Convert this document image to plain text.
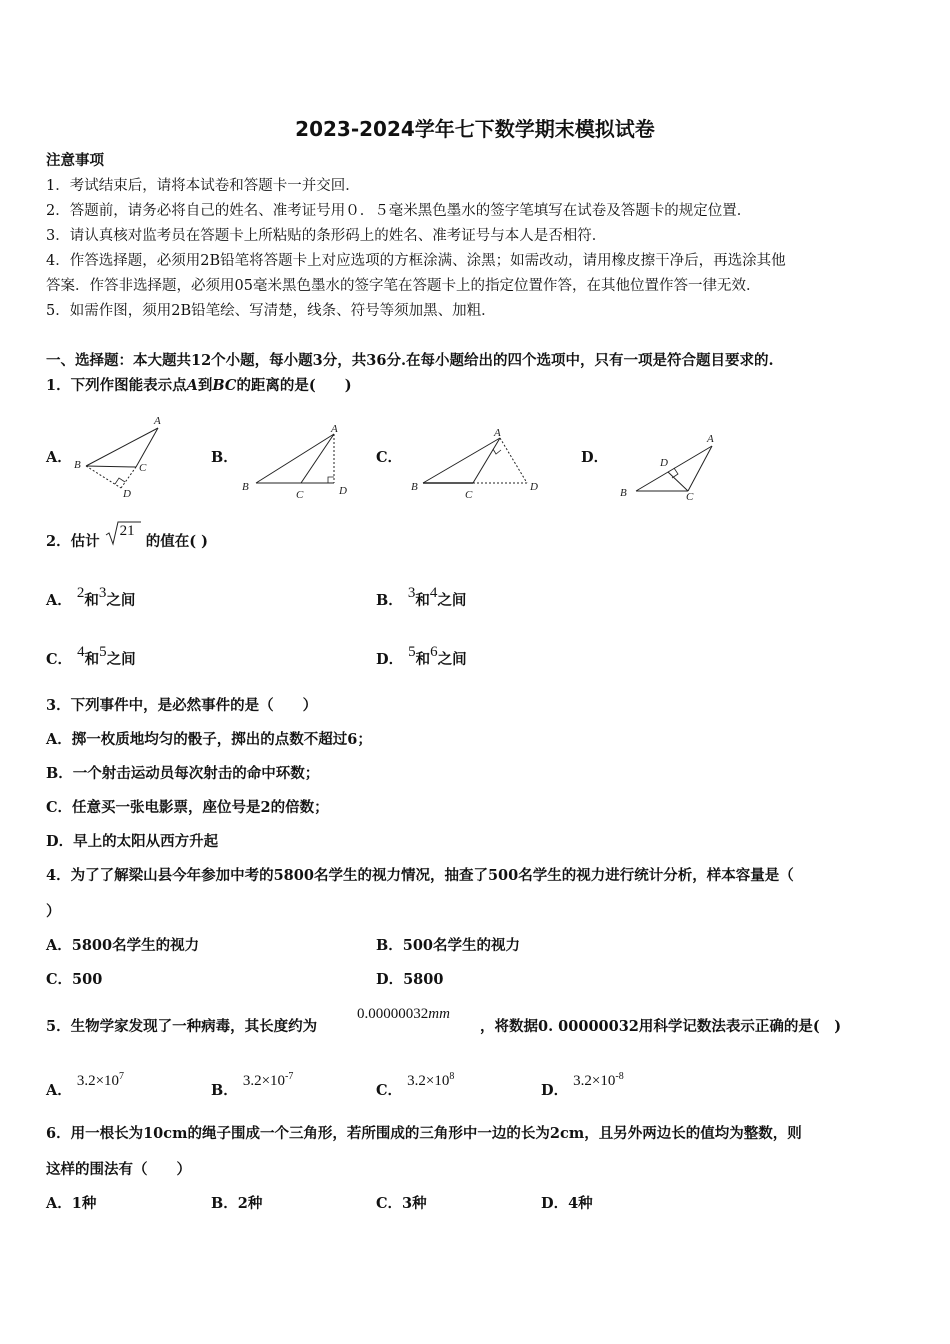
2023-2024学年七下数学期末模拟试卷
注意事项
1．考试结束后，请将本试卷和答题卡一并交回．
2．答题前，请务必将自己的姓名、准考证号用０．５毫米黑色墨水的签字笔填写在试卷及答题卡的规定位置．
3．请认真核对监考员在答题卡上所粘贴的条形码上的姓名、准考证号与本人是否相符．
4．作答选择题，必须用2B铅笔将答题卡上对应选项的方框涂满、涂黑；如需改动，请用橡皮擦干净后，再选涂其他
答案．作答非选择题，必须用05毫米黑色墨水的签字笔在答题卡上的指定位置作答，在其他位置作答一律无效．
5．如需作图，须用2B铅笔绘、写清楚，线条、符号等须加黑、加粗．
一、选择题：本大题共12个小题，每小题3分，共36分.在每小题给出的四个选项中，只有一项是符合题目要求的.
1．下列作图能表示点A到BC的距离的是(　　)
A．
A
B	C
D
B．
A
B
C	D
C．
A
B
C
D
D．
A
B	C
D
2．估计
21
的值在( )
A． 2和3之间	B． 3和4之间
C． 4和5之间	D． 5和6之间
3．下列事件中，是必然事件的是（　　）
A．掷一枚质地均匀的骰子，掷出的点数不超过6；
B．一个射击运动员每次射击的命中环数；
C．任意买一张电影票，座位号是2的倍数；
D．早上的太阳从西方升起
4．为了了解梁山县今年参加中考的5800名学生的视力情况，抽查了500名学生的视力进行统计分析，样本容量是（
）
A．5800名学生的视力	B．500名学生的视力
C．500	D．5800
5．生物学家发现了一种病毒，其长度约为
0.00000032mm
，将数据0. 00000032用科学记数法表示正确的是(　)
A． $3.2\times 10^7$
B． $3.2\times 10^{-7}$
C． $3.2\times 10^8$
D． $3.2\times 10^{-8}$
6．用一根长为10cm的绳子围成一个三角形，若所围成的三角形中一边的长为2cm，且另外两边长的值均为整数，则
这样的围法有（　　）
A．1种	B．2种	C．3种	D．4种
